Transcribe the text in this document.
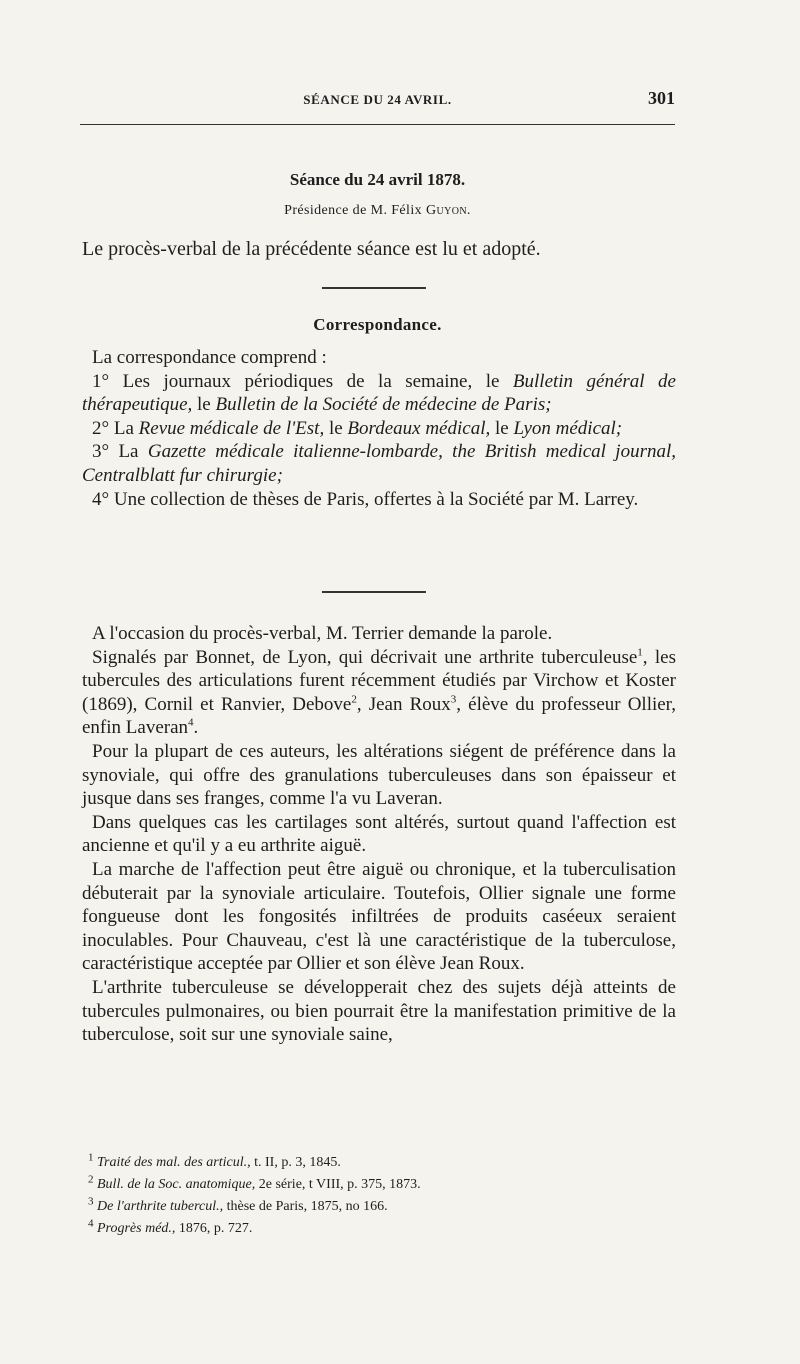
SÉANCE DU 24 AVRIL.	301
Séance du 24 avril 1878.
Présidence de M. Félix Guyon.
Le procès-verbal de la précédente séance est lu et adopté.
Correspondance.

La correspondance comprend :

1° Les journaux périodiques de la semaine, le Bulletin général de thérapeutique, le Bulletin de la Société de médecine de Paris;

2° La Revue médicale de l'Est, le Bordeaux médical, le Lyon médical;

3° La Gazette médicale italienne-lombarde, the British medical journal, Centralblatt fur chirurgie;

4° Une collection de thèses de Paris, offertes à la Société par M. Larrey.

A l'occasion du procès-verbal, M. Terrier demande la parole.

Signalés par Bonnet, de Lyon, qui décrivait une arthrite tuberculeuse$^1$, les tubercules des articulations furent récemment étudiés par Virchow et Koster (1869), Cornil et Ranvier, Debove$^2$, Jean Roux$^3$, élève du professeur Ollier, enfin Laveran$^4$.

Pour la plupart de ces auteurs, les altérations siégent de préférence dans la synoviale, qui offre des granulations tuberculeuses dans son épaisseur et jusque dans ses franges, comme l'a vu Laveran.

Dans quelques cas les cartilages sont altérés, surtout quand l'affection est ancienne et qu'il y a eu arthrite aiguë.

La marche de l'affection peut être aiguë ou chronique, et la tuberculisation débuterait par la synoviale articulaire. Toutefois, Ollier signale une forme fongueuse dont les fongosités infiltrées de produits caséeux seraient inoculables. Pour Chauveau, c'est là une caractéristique de la tuberculose, caractéristique acceptée par Ollier et son élève Jean Roux.

L'arthrite tuberculeuse se développerait chez des sujets déjà atteints de tubercules pulmonaires, ou bien pourrait être la manifestation primitive de la tuberculose, soit sur une synoviale saine,

$^1$ Traité des mal. des articul., t. II, p. 3, 1845.
$^2$ Bull. de la Soc. anatomique, 2e série, t VIII, p. 375, 1873.
$^3$ De l'arthrite tubercul., thèse de Paris, 1875, no 166.
$^4$ Progrès méd., 1876, p. 727.
